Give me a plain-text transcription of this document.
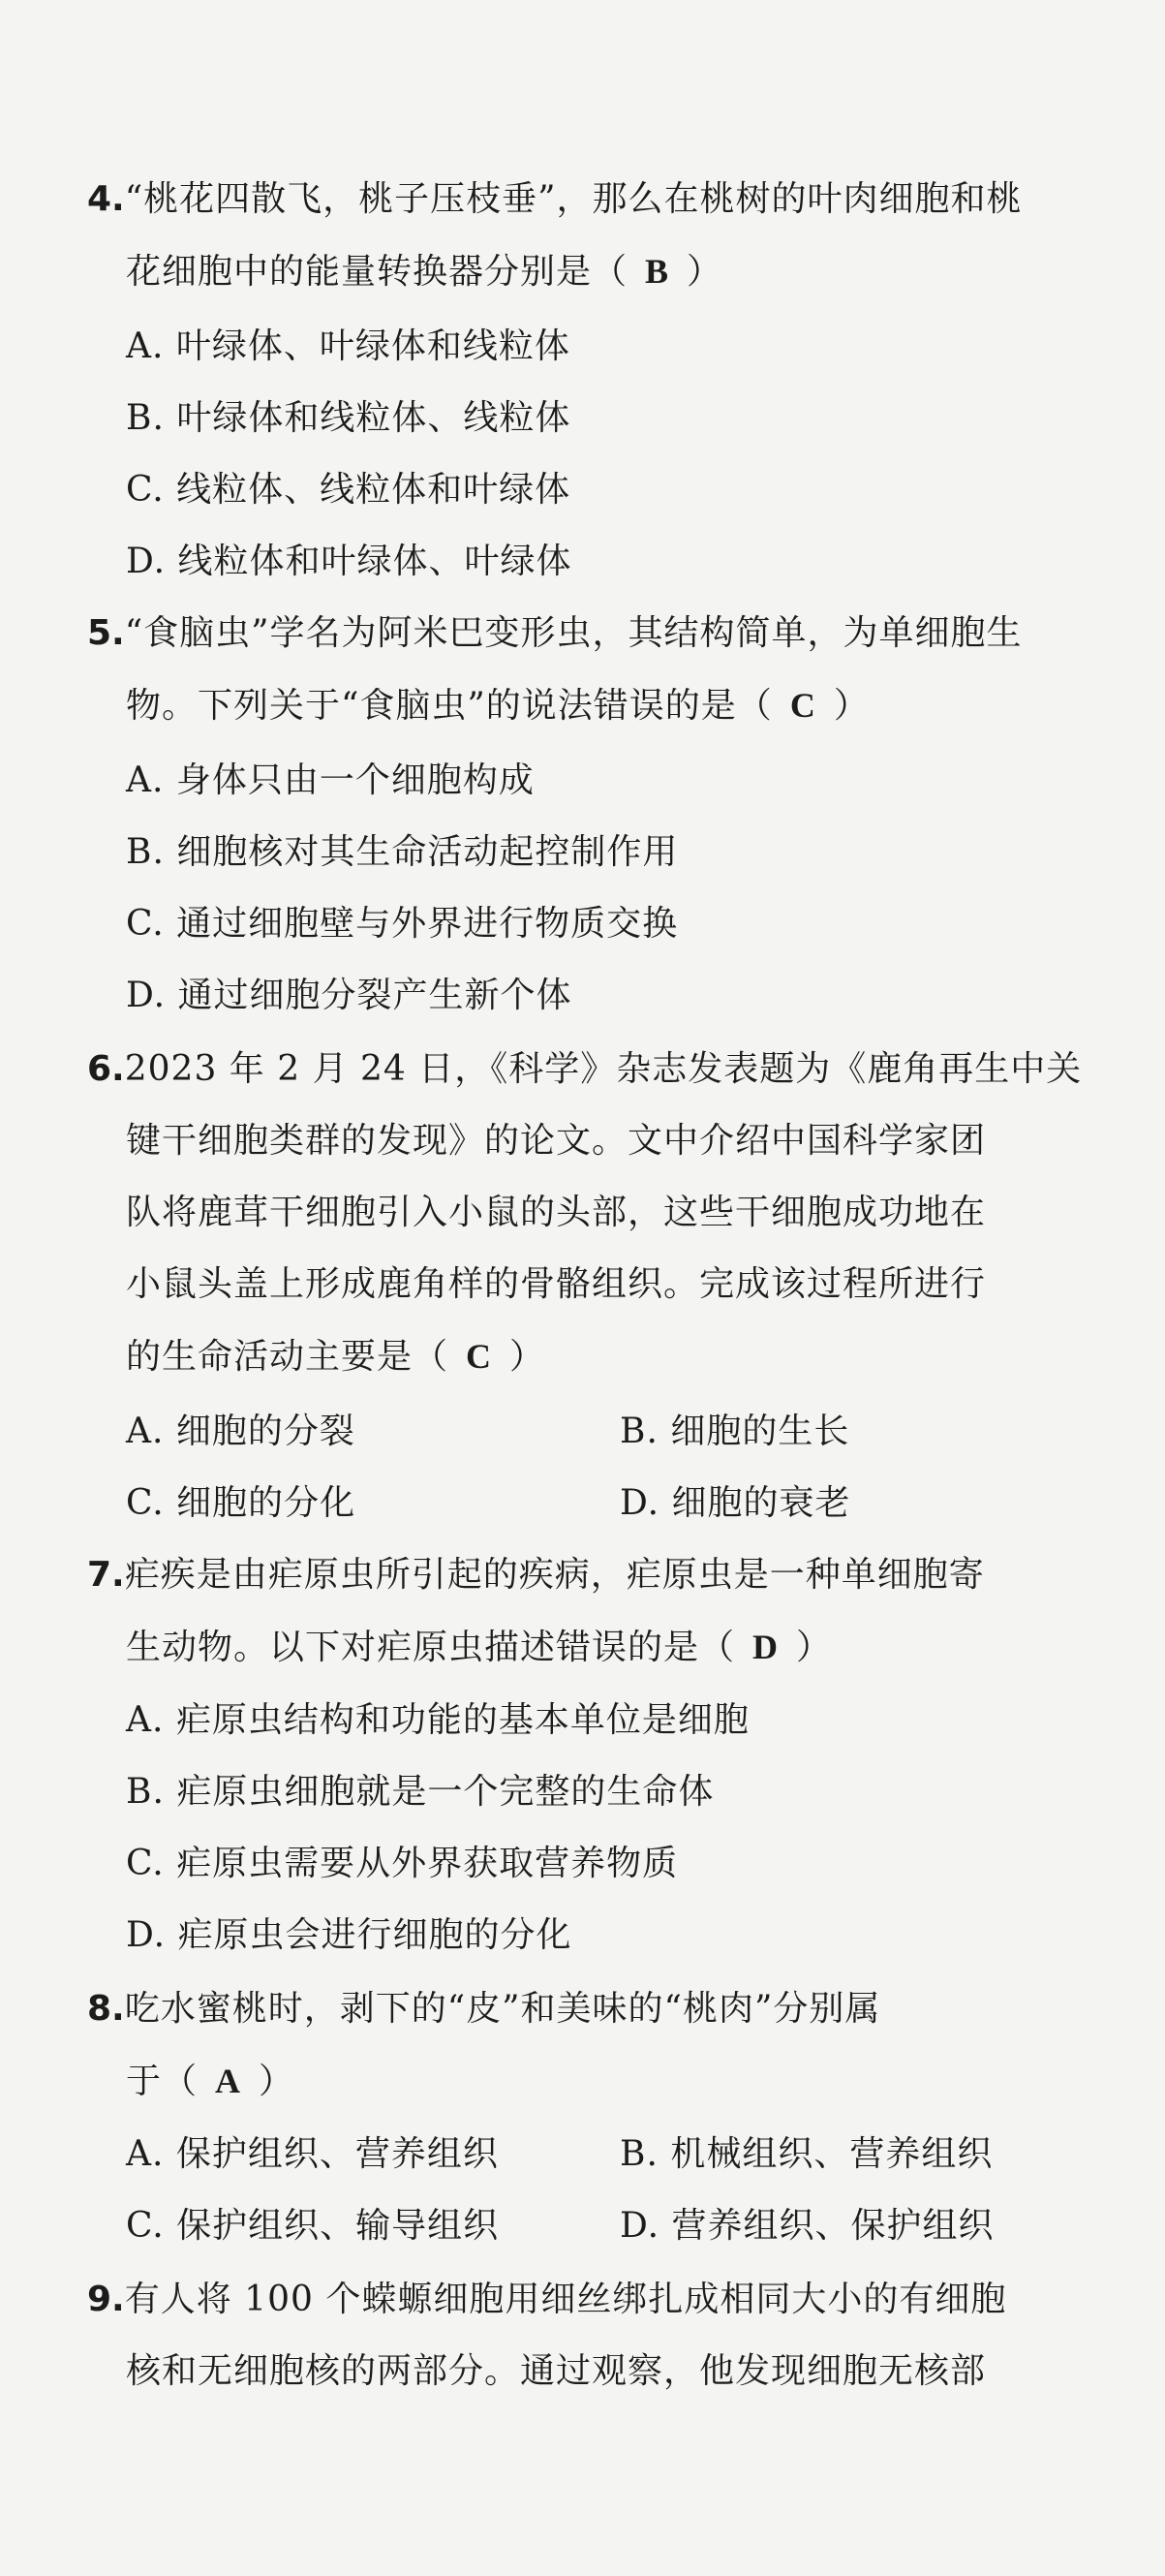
4.“桃花四散飞，桃子压枝垂”，那么在桃树的叶肉细胞和桃
花细胞中的能量转换器分别是（ B ）
A. 叶绿体、叶绿体和线粒体
B. 叶绿体和线粒体、线粒体
C. 线粒体、线粒体和叶绿体
D. 线粒体和叶绿体、叶绿体
5.“食脑虫”学名为阿米巴变形虫，其结构简单，为单细胞生
物。下列关于“食脑虫”的说法错误的是（ C ）
A. 身体只由一个细胞构成
B. 细胞核对其生命活动起控制作用
C. 通过细胞壁与外界进行物质交换
D. 通过细胞分裂产生新个体
6.2023 年 2 月 24 日，《科学》杂志发表题为《鹿角再生中关
键干细胞类群的发现》的论文。文中介绍中国科学家团
队将鹿茸干细胞引入小鼠的头部，这些干细胞成功地在
小鼠头盖上形成鹿角样的骨骼组织。完成该过程所进行
的生命活动主要是（ C ）
A. 细胞的分裂	B. 细胞的生长
C. 细胞的分化	D. 细胞的衰老
7.疟疾是由疟原虫所引起的疾病，疟原虫是一种单细胞寄
生动物。以下对疟原虫描述错误的是（ D ）
A. 疟原虫结构和功能的基本单位是细胞
B. 疟原虫细胞就是一个完整的生命体
C. 疟原虫需要从外界获取营养物质
D. 疟原虫会进行细胞的分化
8.吃水蜜桃时，剥下的“皮”和美味的“桃肉”分别属
于（ A ）
A. 保护组织、营养组织	B. 机械组织、营养组织
C. 保护组织、输导组织	D. 营养组织、保护组织
9.有人将 100 个蝾螈细胞用细丝绑扎成相同大小的有细胞
核和无细胞核的两部分。通过观察，他发现细胞无核部
